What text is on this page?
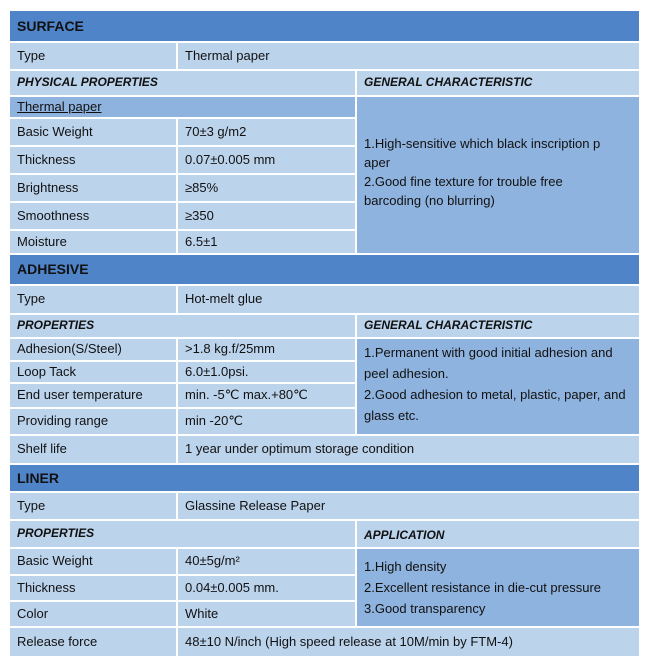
SURFACE
Type	Thermal paper
PHYSICAL PROPERTIES	GENERAL CHARACTERISTIC
Thermal paper
Basic Weight	70±3 g/m2
Thickness	0.07±0.005 mm
Brightness	≥85%
Smoothness	≥350
Moisture	6.5±1
1.High-sensitive which black inscription p
aper
2.Good fine texture for trouble free
barcoding (no blurring)
ADHESIVE
Type	Hot-melt glue
PROPERTIES	GENERAL CHARACTERISTIC
Adhesion(S/Steel)	>1.8 kg.f/25mm
Loop Tack	6.0±1.0psi.
End user temperature	min. -5℃ max.+80℃
Providing range	min -20℃
1.Permanent with good initial adhesion and
peel adhesion.
2.Good adhesion to metal, plastic, paper, and
glass etc.
Shelf life	1 year under optimum storage condition
LINER
Type	Glassine Release Paper
PROPERTIES	APPLICATION
Basic Weight	40±5g/m²
Thickness	0.04±0.005 mm.
Color	White
1.High density
2.Excellent resistance in die-cut pressure
3.Good transparency
Release force	48±10 N/inch (High speed release at 10M/min by FTM-4)
